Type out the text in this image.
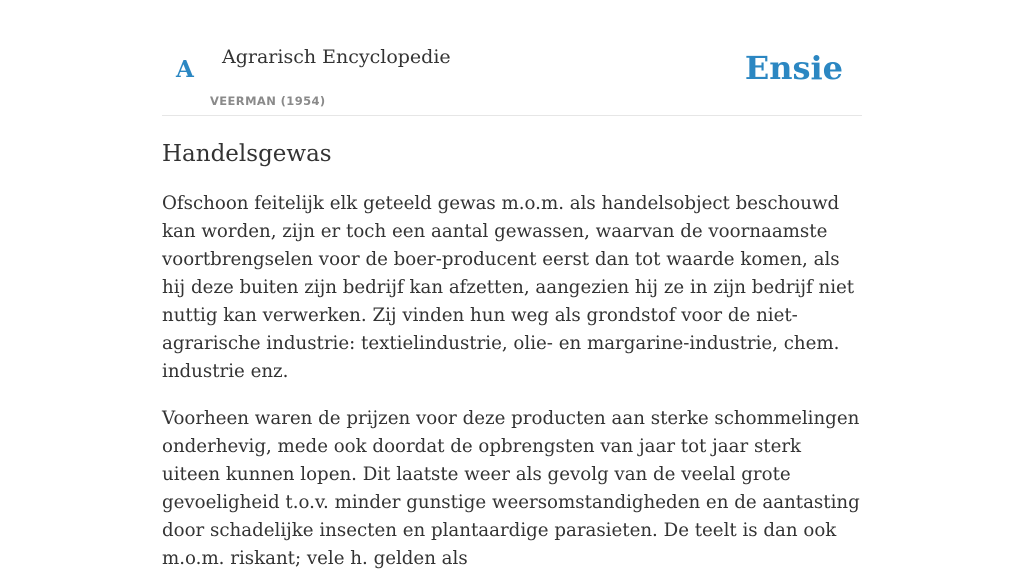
A Agrarisch Encyclopedie
VEERMAN (1954)
Ensie
Handelsgewas

Ofschoon feitelijk elk geteeld gewas m.o.m. als handelsobject beschouwd kan worden, zijn er toch een aantal gewassen, waarvan de voornaamste voortbrengselen voor de boer-producent eerst dan tot waarde komen, als hij deze buiten zijn bedrijf kan afzetten, aangezien hij ze in zijn bedrijf niet nuttig kan verwerken. Zij vinden hun weg als grondstof voor de niet-agrarische industrie: textielindustrie, olie- en margarine-industrie, chem. industrie enz.

Voorheen waren de prijzen voor deze producten aan sterke schommelingen onderhevig, mede ook doordat de opbrengsten van jaar tot jaar sterk uiteen kunnen lopen. Dit laatste weer als gevolg van de veelal grote gevoeligheid t.o.v. minder gunstige weersomstandigheden en de aantasting door schadelijke insecten en plantaardige parasieten. De teelt is dan ook m.o.m. riskant; vele h. gelden als
